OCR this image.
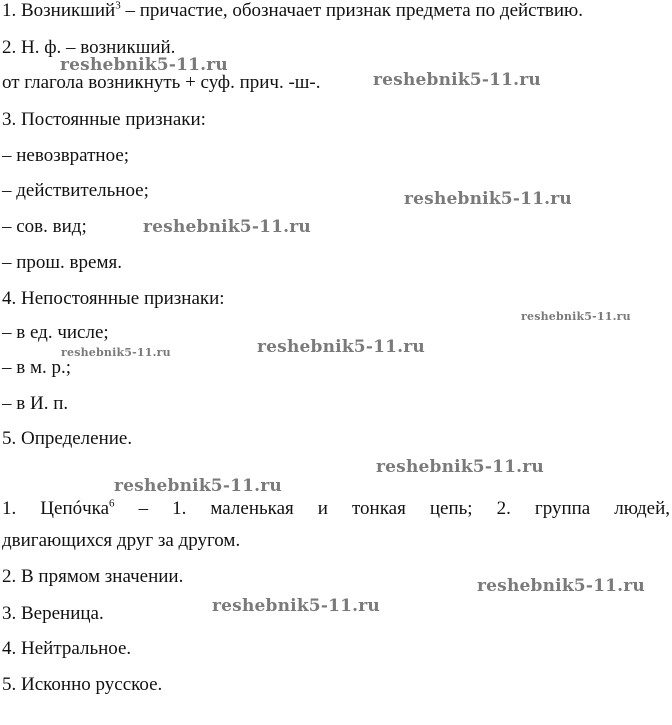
1. Возникший$^3$ – причастие, обозначает признак предмета по действию.
2. Н. ф. – возникший.
от глагола возникнуть + суф. прич. -ш-.
3. Постоянные признаки:
– невозвратное;
– действительное;
– сов. вид;
– прош. время.
4. Непостоянные признаки:
– в ед. числе;
– в м. р.;
– в И. п.
5. Определение.
1. Цепóчка$^6$ – 1. маленькая и тонкая цепь; 2. группа людей,
двигающихся друг за другом.
2. В прямом значении.
3. Вереница.
4. Нейтральное.
5. Исконно русское.
reshebnik5-11.ru
reshebnik5-11.ru
reshebnik5-11.ru
reshebnik5-11.ru
reshebnik5-11.ru
reshebnik5-11.ru
reshebnik5-11.ru
reshebnik5-11.ru
reshebnik5-11.ru
reshebnik5-11.ru
reshebnik5-11.ru
